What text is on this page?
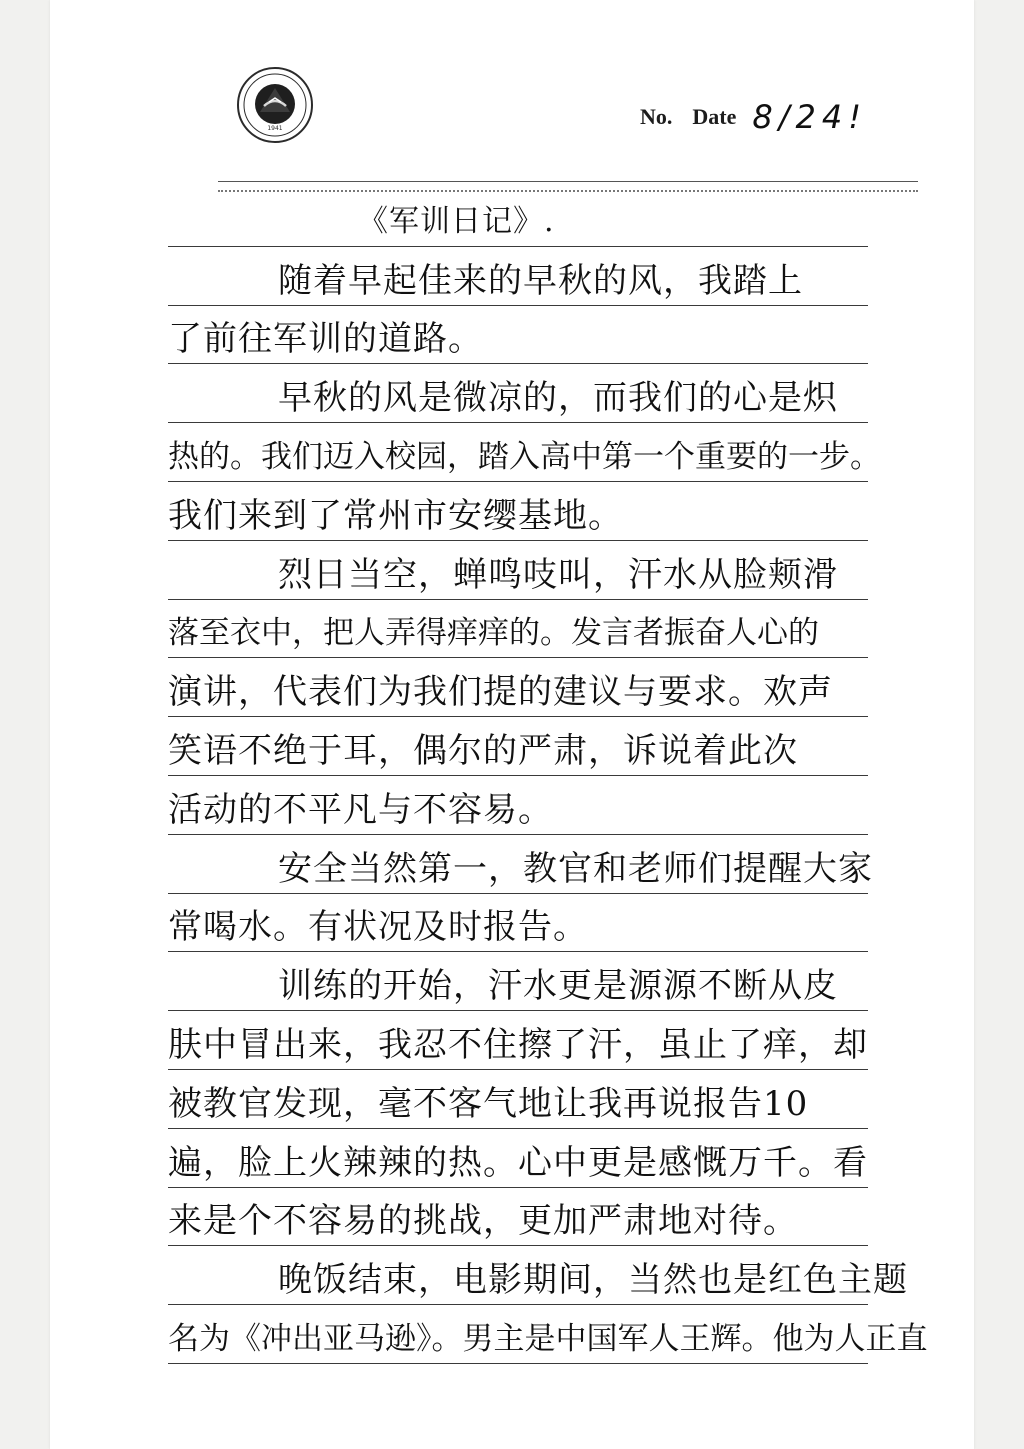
1941	No. Date 8/24!
《军训日记》.
随着早起佳来的早秋的风，我踏上
了前往军训的道路。
早秋的风是微凉的，而我们的心是炽
热的。我们迈入校园，踏入高中第一个重要的一步。
我们来到了常州市安缨基地。
烈日当空，蝉鸣吱叫，汗水从脸颊滑
落至衣中，把人弄得痒痒的。发言者振奋人心的
演讲，代表们为我们提的建议与要求。欢声
笑语不绝于耳，偶尔的严肃，诉说着此次
活动的不平凡与不容易。
安全当然第一，教官和老师们提醒大家
常喝水。有状况及时报告。
训练的开始，汗水更是源源不断从皮
肤中冒出来，我忍不住擦了汗，虽止了痒，却
被教官发现，毫不客气地让我再说报告10
遍，脸上火辣辣的热。心中更是感慨万千。看
来是个不容易的挑战，更加严肃地对待。
晚饭结束，电影期间，当然也是红色主题
名为《冲出亚马逊》。男主是中国军人王辉。他为人正直
